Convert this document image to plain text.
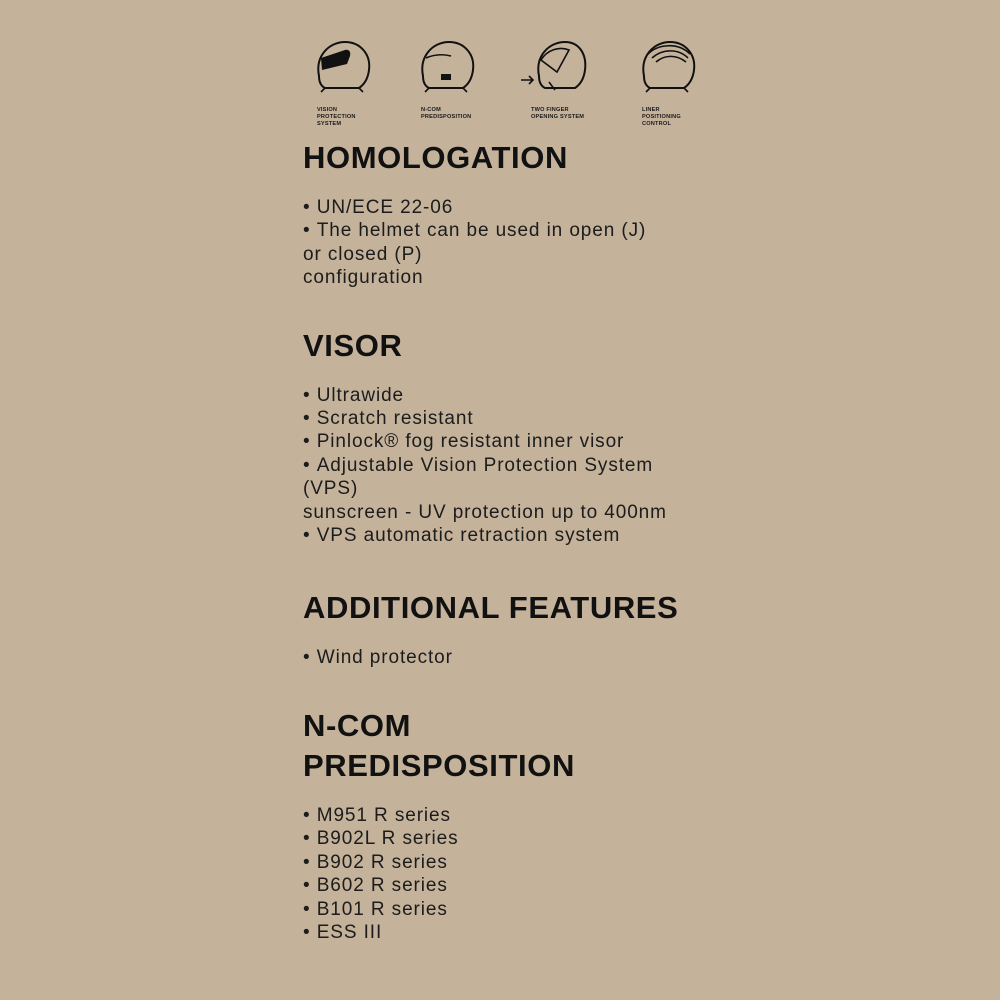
VISION
PROTECTION
SYSTEM
N-COM
PREDISPOSITION
TWO FINGER
OPENING SYSTEM
LINER
POSITIONING
CONTROL
HOMOLOGATION
• UN/ECE 22-06
• The helmet can be used in open (J)
or closed (P)
configuration
VISOR
• Ultrawide
• Scratch resistant
• Pinlock® fog resistant inner visor
• Adjustable Vision Protection System
(VPS)
sunscreen - UV protection up to 400nm
• VPS automatic retraction system
ADDITIONAL FEATURES
• Wind protector
N-COM
PREDISPOSITION
• M951 R series
• B902L R series
• B902 R series
• B602 R series
• B101 R series
• ESS III
